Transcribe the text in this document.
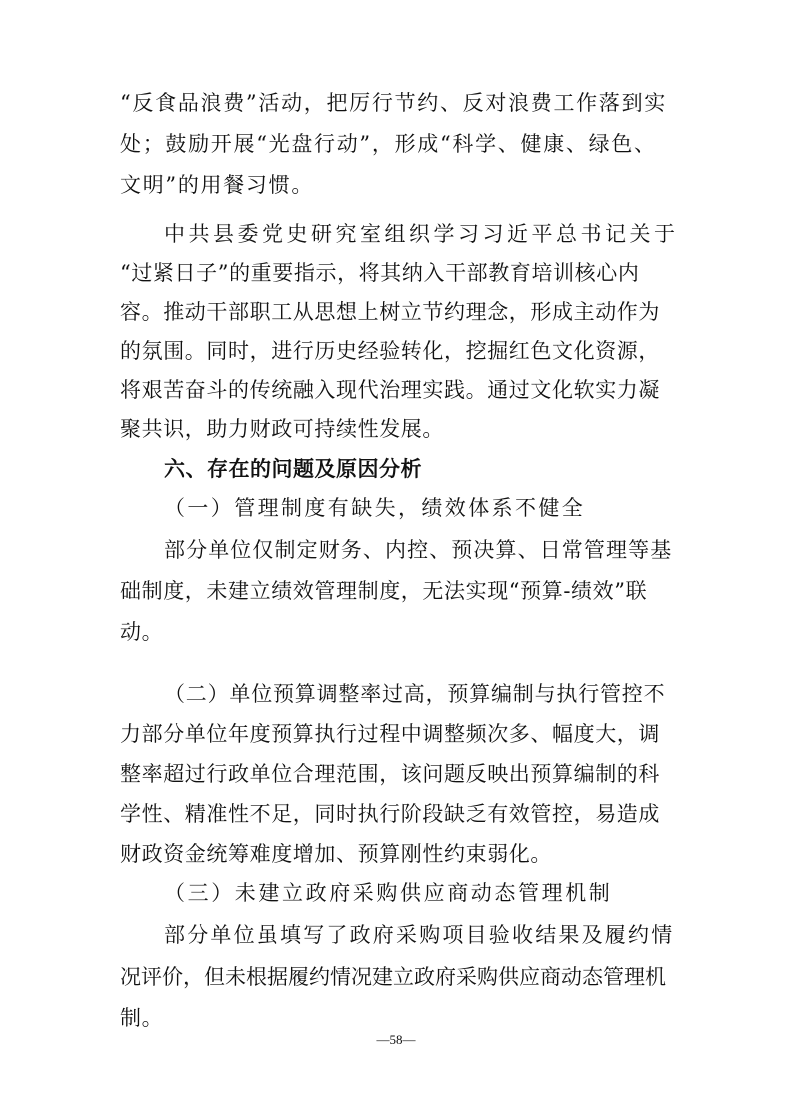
“反食品浪费”活动，把厉行节约、反对浪费工作落到实
处；鼓励开展“光盘行动”，形成“科学、健康、绿色、
文明”的用餐习惯。
中共县委党史研究室组织学习习近平总书记关于
“过紧日子”的重要指示，将其纳入干部教育培训核心内
容。推动干部职工从思想上树立节约理念，形成主动作为
的氛围。同时，进行历史经验转化，挖掘红色文化资源，
将艰苦奋斗的传统融入现代治理实践。通过文化软实力凝
聚共识，助力财政可持续性发展。
六、存在的问题及原因分析
（一）管理制度有缺失，绩效体系不健全
部分单位仅制定财务、内控、预决算、日常管理等基
础制度，未建立绩效管理制度，无法实现“预算-绩效”联
动。
（二）单位预算调整率过高，预算编制与执行管控不
力部分单位年度预算执行过程中调整频次多、幅度大，调
整率超过行政单位合理范围，该问题反映出预算编制的科
学性、精准性不足，同时执行阶段缺乏有效管控，易造成
财政资金统筹难度增加、预算刚性约束弱化。
（三）未建立政府采购供应商动态管理机制
部分单位虽填写了政府采购项目验收结果及履约情
况评价，但未根据履约情况建立政府采购供应商动态管理机
制。
—58—
